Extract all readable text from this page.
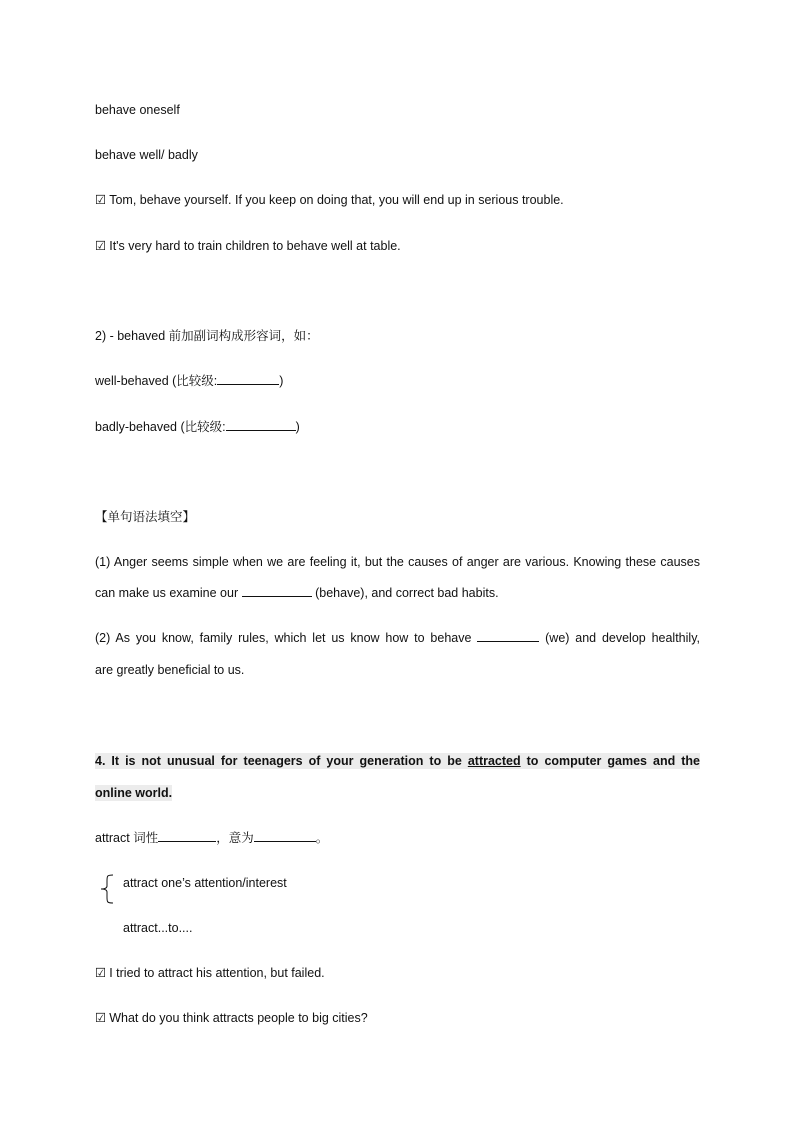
behave oneself
behave well/ badly
☑ Tom, behave yourself. If you keep on doing that, you will end up in serious trouble.
☑ It's very hard to train children to behave well at table.
2) - behaved 前加副词构成形容词，如：
well-behaved (比较级:	)
badly-behaved (比较级:	)
【单句语法填空】
(1) Anger seems simple when we are feeling it, but the causes of anger are various. Knowing these causes
can make us examine our	(behave), and correct bad habits.
(2) As you know, family rules, which let us know how to behave	(we) and develop healthily,
are greatly beneficial to us.
4. It is not unusual for teenagers of your generation to be attracted to computer games and the
online world.
attract 词性	，意为	。
attract one’s attention/interest
attract...to....
☑ I tried to attract his attention, but failed.
☑ What do you think attracts people to big cities?
